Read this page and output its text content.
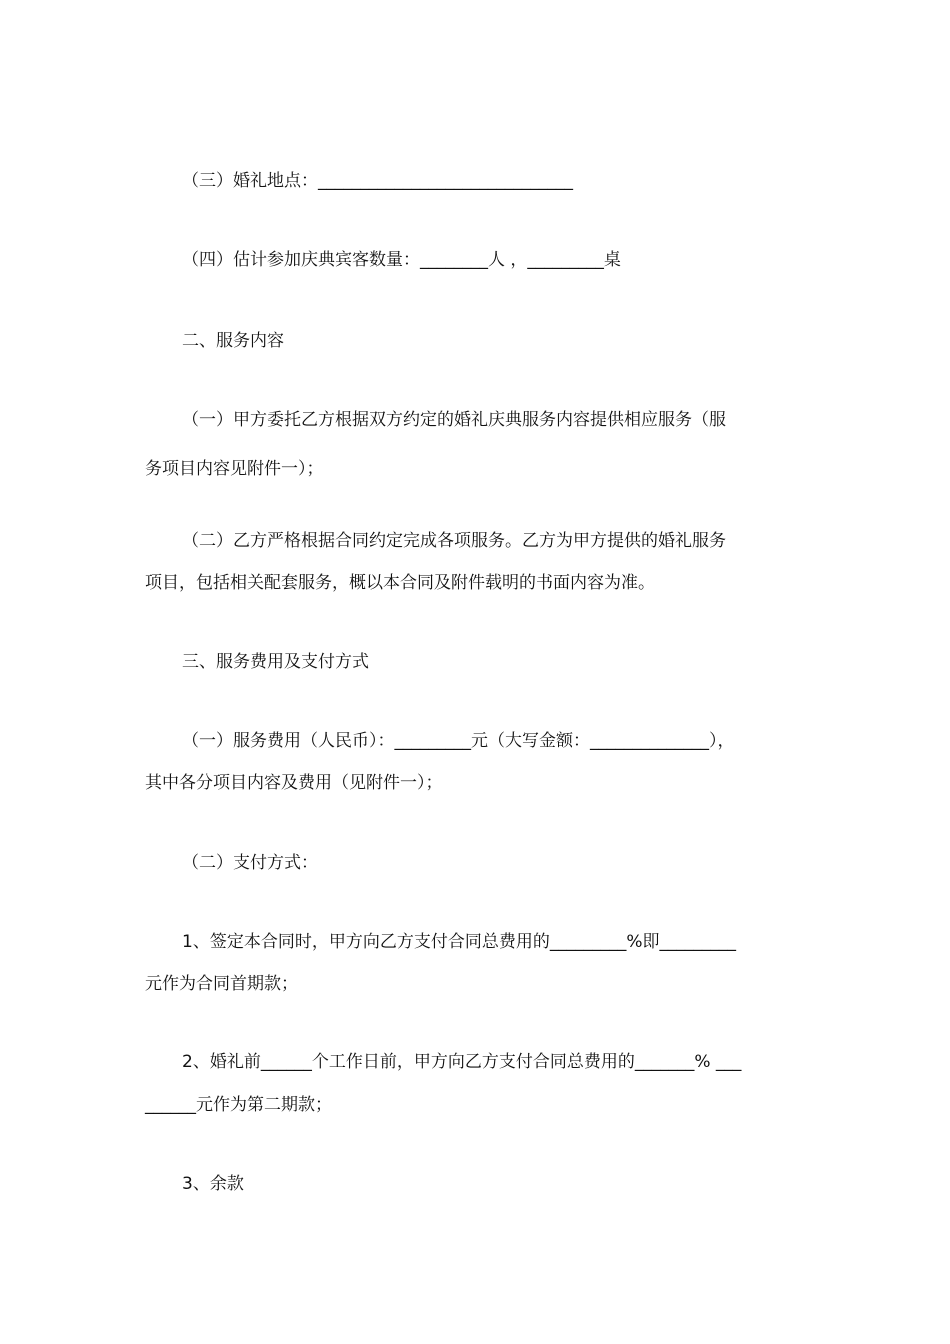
（三）婚礼地点：______________________________
（四）估计参加庆典宾客数量：________人 ，_________桌
二、服务内容
（一）甲方委托乙方根据双方约定的婚礼庆典服务内容提供相应服务（服
务项目内容见附件一）；
（二）乙方严格根据合同约定完成各项服务。乙方为甲方提供的婚礼服务
项目，包括相关配套服务，概以本合同及附件载明的书面内容为准。
三、服务费用及支付方式
（一）服务费用（人民币）：_________元（大写金额：______________），
其中各分项目内容及费用（见附件一）；
（二）支付方式：
1、签定本合同时，甲方向乙方支付合同总费用的_________%即_________
元作为合同首期款；
2、婚礼前______个工作日前，甲方向乙方支付合同总费用的_______% ___
______元作为第二期款；
3、余款
